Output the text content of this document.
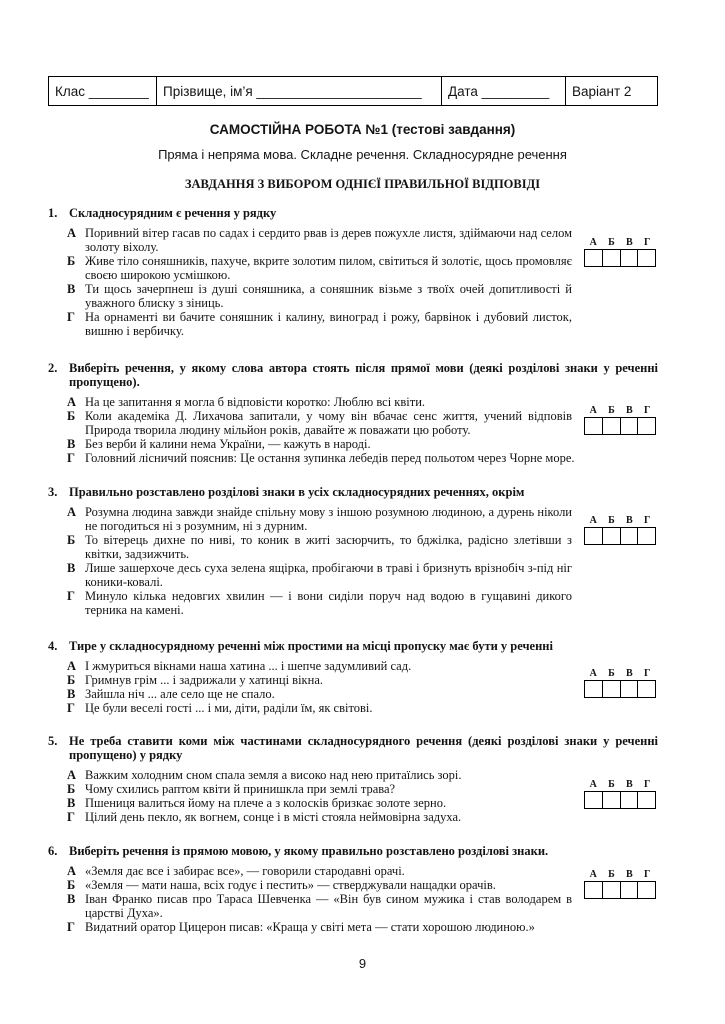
Клас ________	Прізвище, ім’я ______________________	Дата _________	Варіант 2
САМОСТІЙНА РОБОТА №1 (тестові завдання)
Пряма і непряма мова. Складне речення. Складносурядне речення
ЗАВДАННЯ З ВИБОРОМ ОДНІЄЇ ПРАВИЛЬНОЇ ВІДПОВІДІ
1. Складносурядним є речення у рядку
А Поривний вітер гасав по садах і сердито рвав із дерев пожухле листя, здіймаючи над селом золоту віхолу.
Б Живе тіло соняшників, пахуче, вкрите золотим пилом, світиться й золотіє, щось промовляє своєю широкою усмішкою.
В Ти щось зачерпнеш із душі соняшника, а соняшник візьме з твоїх очей допитливості й уважного блиску з зіниць.
Г На орнаменті ви бачите соняшник і калину, виноград і рожу, барвінок і дубовий листок, вишню і вербичку.
А Б В Г
2. Виберіть речення, у якому слова автора стоять після прямої мови (деякі розділові знаки у реченні пропущено).
А На це запитання я могла б відповісти коротко: Люблю всі квіти.
Б Коли академіка Д. Лихачова запитали, у чому він вбачає сенс життя, учений відповів Природа творила людину мільйон років, давайте ж поважати цю роботу.
В Без верби й калини нема України, — кажуть в народі.
Г Головний лісничий пояснив: Це остання зупинка лебедів перед польотом через Чорне море.
А Б В Г
3. Правильно розставлено розділові знаки в усіх складносурядних реченнях, окрім
А Розумна людина завжди знайде спільну мову з іншою розумною людиною, а дурень ніколи не погодиться ні з розумним, ні з дурним.
Б То вітерець дихне по ниві, то коник в житі засюрчить, то бджілка, радісно злетівши з квітки, задзижчить.
В Лише зашерхоче десь суха зелена ящірка, пробігаючи в траві і бризнуть врізнобіч з-під ніг коники-ковалі.
Г Минуло кілька недовгих хвилин — і вони сиділи поруч над водою в гущавині дикого терника на камені.
А Б В Г
4. Тире у складносурядному реченні між простими на місці пропуску має бути у реченні
А І жмуриться вікнами наша хатина ... і шепче задумливий сад.
Б Гримнув грім ... і задрижали у хатинці вікна.
В Зайшла ніч ... але село ще не спало.
Г Це були веселі гості ... і ми, діти, раділи їм, як світові.
А Б В Г
5. Не треба ставити коми між частинами складносурядного речення (деякі розділові знаки у реченні пропущено) у рядку
А Важким холодним сном спала земля а високо над нею притаїлись зорі.
Б Чому схились раптом квіти й принишкла при землі трава?
В Пшениця валиться йому на плече а з колосків бризкає золоте зерно.
Г Цілий день пекло, як вогнем, сонце і в місті стояла неймовірна задуха.
А Б В Г
6. Виберіть речення із прямою мовою, у якому правильно розставлено розділові знаки.
А «Земля дає все і забирає все», — говорили стародавні орачі.
Б «Земля — мати наша, всіх годує і пестить» — стверджували нащадки орачів.
В Іван Франко писав про Тараса Шевченка — «Він був сином мужика і став володарем в царстві Духа».
Г Видатний оратор Цицерон писав: «Краща у світі мета — стати хорошою людиною.»
А Б В Г
9
